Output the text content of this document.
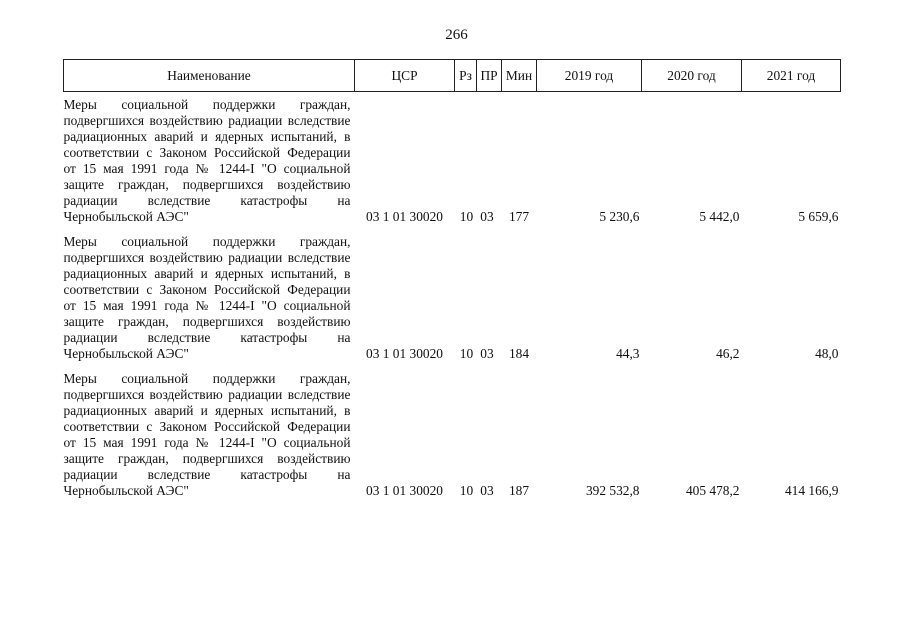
266
Наименование	ЦСР	Рз	ПР	Мин	2019 год	2020 год	2021 год
Меры социальной поддержки граждан, подвергшихся воздействию радиации вследствие радиационных аварий и ядерных испытаний, в соответствии с Законом Российской Федерации от 15 мая 1991 года № 1244-I "О социальной защите граждан, подвергшихся воздействию радиации вследствие катастрофы на Чернобыльской АЭС"	03 1 01 30020	10	03	177	5 230,6	5 442,0	5 659,6
Меры социальной поддержки граждан, подвергшихся воздействию радиации вследствие радиационных аварий и ядерных испытаний, в соответствии с Законом Российской Федерации от 15 мая 1991 года № 1244-I "О социальной защите граждан, подвергшихся воздействию радиации вследствие катастрофы на Чернобыльской АЭС"	03 1 01 30020	10	03	184	44,3	46,2	48,0
Меры социальной поддержки граждан, подвергшихся воздействию радиации вследствие радиационных аварий и ядерных испытаний, в соответствии с Законом Российской Федерации от 15 мая 1991 года № 1244-I "О социальной защите граждан, подвергшихся воздействию радиации вследствие катастрофы на Чернобыльской АЭС"	03 1 01 30020	10	03	187	392 532,8	405 478,2	414 166,9
